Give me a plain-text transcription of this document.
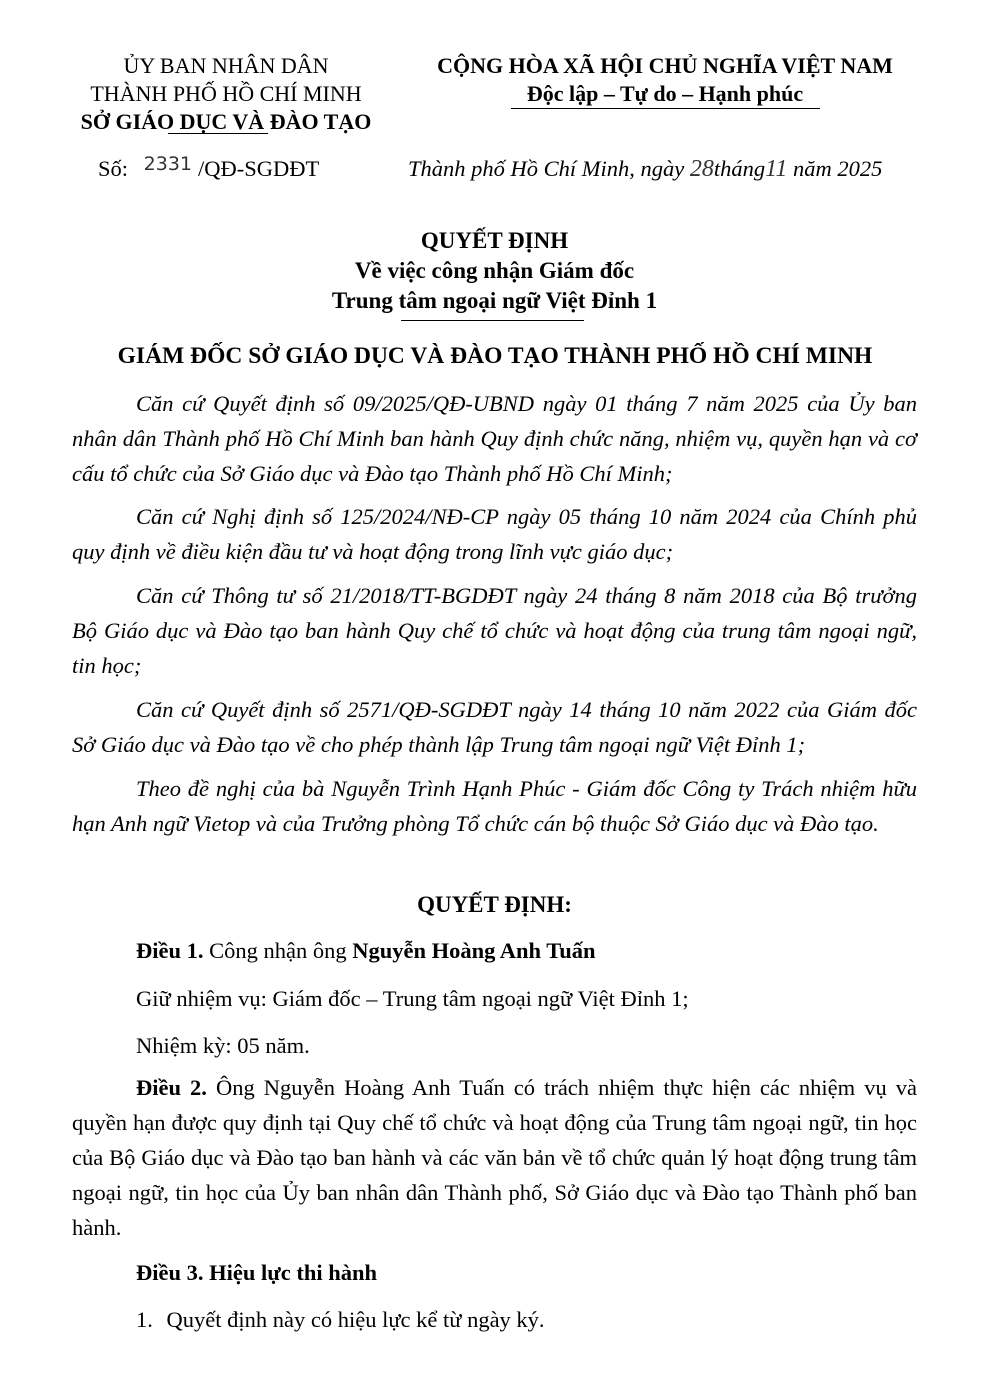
ỦY BAN NHÂN DÂN
THÀNH PHỐ HỒ CHÍ MINH
SỞ GIÁO DỤC VÀ ĐÀO TẠO
CỘNG HÒA XÃ HỘI CHỦ NGHĨA VIỆT NAM
Độc lập – Tự do – Hạnh phúc
Số: $^{2331}$ /QĐ-SGDĐT	Thành phố Hồ Chí Minh, ngày 28tháng11 năm 2025
QUYẾT ĐỊNH
Về việc công nhận Giám đốc
Trung tâm ngoại ngữ Việt Đỉnh 1
GIÁM ĐỐC SỞ GIÁO DỤC VÀ ĐÀO TẠO THÀNH PHỐ HỒ CHÍ MINH

Căn cứ Quyết định số 09/2025/QĐ-UBND ngày 01 tháng 7 năm 2025 của Ủy ban nhân dân Thành phố Hồ Chí Minh ban hành Quy định chức năng, nhiệm vụ, quyền hạn và cơ cấu tổ chức của Sở Giáo dục và Đào tạo Thành phố Hồ Chí Minh;

Căn cứ Nghị định số 125/2024/NĐ-CP ngày 05 tháng 10 năm 2024 của Chính phủ quy định về điều kiện đầu tư và hoạt động trong lĩnh vực giáo dục;

Căn cứ Thông tư số 21/2018/TT-BGDĐT ngày 24 tháng 8 năm 2018 của Bộ trưởng Bộ Giáo dục và Đào tạo ban hành Quy chế tổ chức và hoạt động của trung tâm ngoại ngữ, tin học;

Căn cứ Quyết định số 2571/QĐ-SGDĐT ngày 14 tháng 10 năm 2022 của Giám đốc Sở Giáo dục và Đào tạo về cho phép thành lập Trung tâm ngoại ngữ Việt Đỉnh 1;

Theo đề nghị của bà Nguyễn Trình Hạnh Phúc - Giám đốc Công ty Trách nhiệm hữu hạn Anh ngữ Vietop và của Trưởng phòng Tổ chức cán bộ thuộc Sở Giáo dục và Đào tạo.

QUYẾT ĐỊNH:
Điều 1. Công nhận ông Nguyễn Hoàng Anh Tuấn
Giữ nhiệm vụ: Giám đốc – Trung tâm ngoại ngữ Việt Đỉnh 1;
Nhiệm kỳ: 05 năm.

Điều 2. Ông Nguyễn Hoàng Anh Tuấn có trách nhiệm thực hiện các nhiệm vụ và quyền hạn được quy định tại Quy chế tổ chức và hoạt động của Trung tâm ngoại ngữ, tin học của Bộ Giáo dục và Đào tạo ban hành và các văn bản về tổ chức quản lý hoạt động trung tâm ngoại ngữ, tin học của Ủy ban nhân dân Thành phố, Sở Giáo dục và Đào tạo Thành phố ban hành.

Điều 3. Hiệu lực thi hành
1. Quyết định này có hiệu lực kể từ ngày ký.
